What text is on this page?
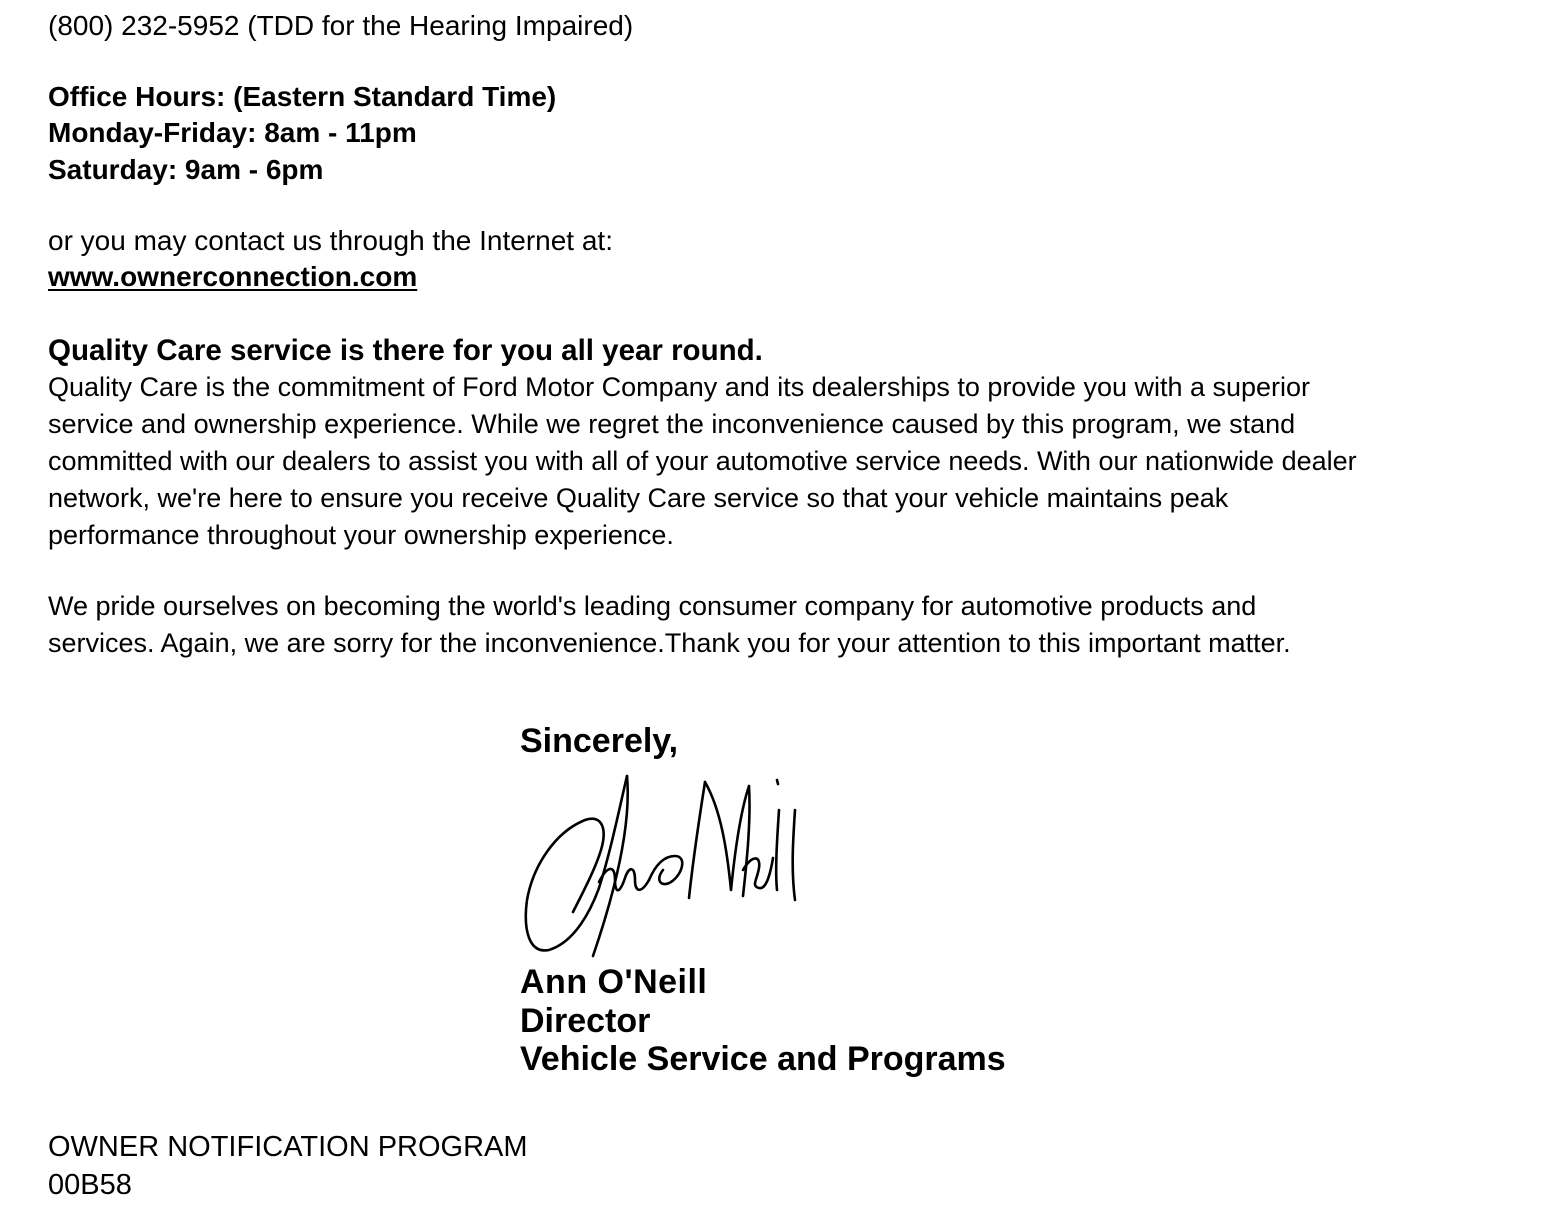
(800) 232-5952 (TDD for the Hearing Impaired)
Office Hours: (Eastern Standard Time)
Monday-Friday: 8am - 11pm
Saturday: 9am - 6pm
or you may contact us through the Internet at:
www.ownerconnection.com
Quality Care service is there for you all year round.
Quality Care is the commitment of Ford Motor Company and its dealerships to provide you with a superior
service and ownership experience. While we regret the inconvenience caused by this program, we stand
committed with our dealers to assist you with all of your automotive service needs. With our nationwide dealer
network, we're here to ensure you receive Quality Care service so that your vehicle maintains peak
performance throughout your ownership experience.
We pride ourselves on becoming the world's leading consumer company for automotive products and
services. Again, we are sorry for the inconvenience.Thank you for your attention to this important matter.
Sincerely,
Ann O'Neill
Director
Vehicle Service and Programs
OWNER NOTIFICATION PROGRAM
00B58
